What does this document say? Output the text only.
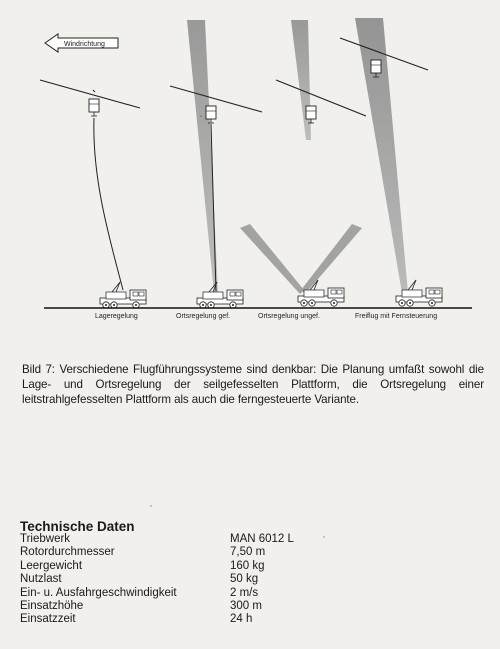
Windrichtung
◦
Lageregelung	Ortsregelung gef.	Ortsregelung ungef.	Freiflug mit Fernsteuerung

Bild 7: Verschiedene Flugführungssysteme sind denkbar: Die Planung umfaßt sowohl die Lage- und Ortsregelung der seilgefesselten Plattform, die Ortsregelung einer leitstrahlgefesselten Plattform als auch die ferngesteuerte Variante.

Technische Daten
Triebwerk	MAN 6012 L
Rotordurchmesser	7,50 m
Leergewicht	160 kg
Nutzlast	50 kg
Ein- u. Ausfahrgeschwindigkeit	2 m/s
Einsatzhöhe	300 m
Einsatzzeit	24 h
